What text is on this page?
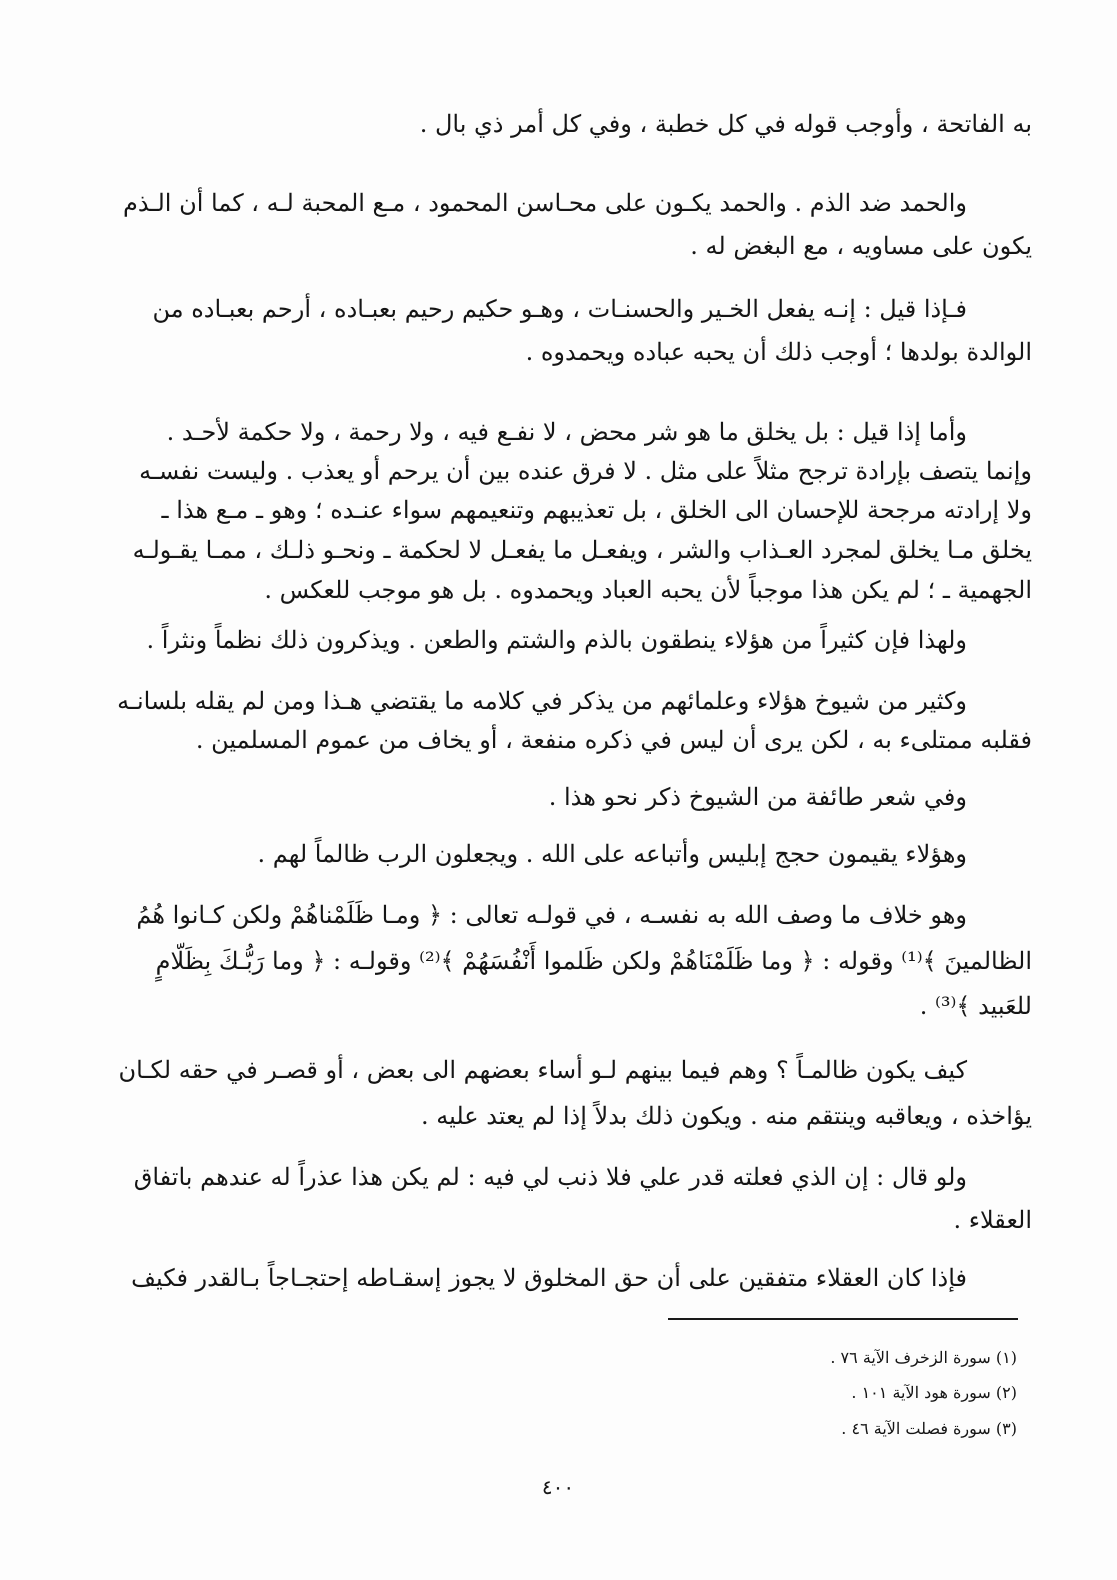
به الفاتحة ، وأوجب قوله في كل خطبة ، وفي كل أمر ذي بال .
والحمد ضد الذم . والحمد يكـون على محـاسن المحمود ، مـع المحبة لـه ، كما أن الـذم
يكون على مساويه ، مع البغض له .
فـإذا قيل : إنـه يفعل الخـير والحسنـات ، وهـو حكيم رحيم بعبـاده ، أرحم بعبـاده من
الوالدة بولدها ؛ أوجب ذلك أن يحبه عباده ويحمدوه .
وأما إذا قيل : بل يخلق ما هو شر محض ، لا نفـع فيه ، ولا رحمة ، ولا حكمة لأحـد .
وإنما يتصف بإرادة ترجح مثلاً على مثل . لا فرق عنده بين أن يرحم أو يعذب . وليست نفسـه
ولا إرادته مرجحة للإحسان الى الخلق ، بل تعذيبهم وتنعيمهم سواء عنـده ؛ وهو ـ مـع هذا ـ
يخلق مـا يخلق لمجرد العـذاب والشر ، ويفعـل ما يفعـل لا لحكمة ـ ونحـو ذلـك ، ممـا يقـولـه
الجهمية ـ ؛ لم يكن هذا موجباً لأن يحبه العباد ويحمدوه . بل هو موجب للعكس .
ولهذا فإن كثيراً من هؤلاء ينطقون بالذم والشتم والطعن . ويذكرون ذلك نظماً ونثراً .
وكثير من شيوخ هؤلاء وعلمائهم من يذكر في كلامه ما يقتضي هـذا ومن لم يقله بلسانـه
فقلبه ممتلىء به ، لكن يرى أن ليس في ذكره منفعة ، أو يخاف من عموم المسلمين .
وفي شعر طائفة من الشيوخ ذكر نحو هذا .
وهؤلاء يقيمون حجج إبليس وأتباعه على الله . ويجعلون الرب ظالماً لهم .
وهو خلاف ما وصف الله به نفسـه ، في قولـه تعالى : ﴿ ومـا ظَلَمْناهُمْ ولكن كـانوا هُمُ
الظالمينَ ﴾⁽¹⁾ وقوله : ﴿ وما ظَلَمْنَاهُمْ ولكن ظَلموا أَنْفُسَهُمْ ﴾⁽²⁾ وقولـه : ﴿ وما رَبُّـكَ بِظَلّامٍ
للعَبيد ﴾⁽³⁾ .
كيف يكون ظالمـاً ؟ وهم فيما بينهم لـو أساء بعضهم الى بعض ، أو قصـر في حقه لكـان
يؤاخذه ، ويعاقبه وينتقم منه . ويكون ذلك بدلاً إذا لم يعتد عليه .
ولو قال : إن الذي فعلته قدر علي فلا ذنب لي فيه : لم يكن هذا عذراً له عندهم باتفاق
العقلاء .
فإذا كان العقلاء متفقين على أن حق المخلوق لا يجوز إسقـاطه إحتجـاجاً بـالقدر فكيف
(١) سورة الزخرف الآية ٧٦ .
(٢) سورة هود الآية ١٠١ .
(٣) سورة فصلت الآية ٤٦ .
٤٠٠
